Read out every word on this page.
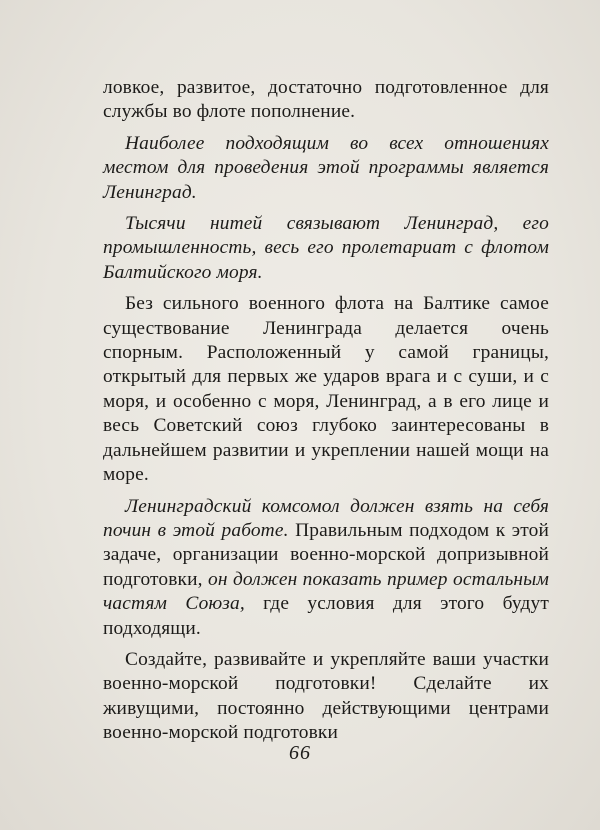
ловкое, развитое, достаточно подготовленное для службы во флоте пополнение.

Наиболее подходящим во всех отношениях местом для проведения этой программы является Ленинград.

Тысячи нитей связывают Ленинград, его промышленность, весь его пролетариат с флотом Балтийского моря.

Без сильного военного флота на Балтике самое существование Ленинграда делается очень спорным. Расположенный у самой границы, открытый для первых же ударов врага и с суши, и с моря, и особенно с моря, Ленинград, а в его лице и весь Советский союз глубоко заинтересованы в дальнейшем развитии и укреплении нашей мощи на море.

Ленинградский комсомол должен взять на себя почин в этой работе. Правильным подходом к этой задаче, организации военно-морской допризывной подготовки, он должен показать пример остальным частям Союза, где условия для этого будут подходящи.

Создайте, развивайте и укрепляйте ваши участки военно-морской подготовки! Сделайте их живущими, постоянно действующими центрами военно-морской подготовки

66
